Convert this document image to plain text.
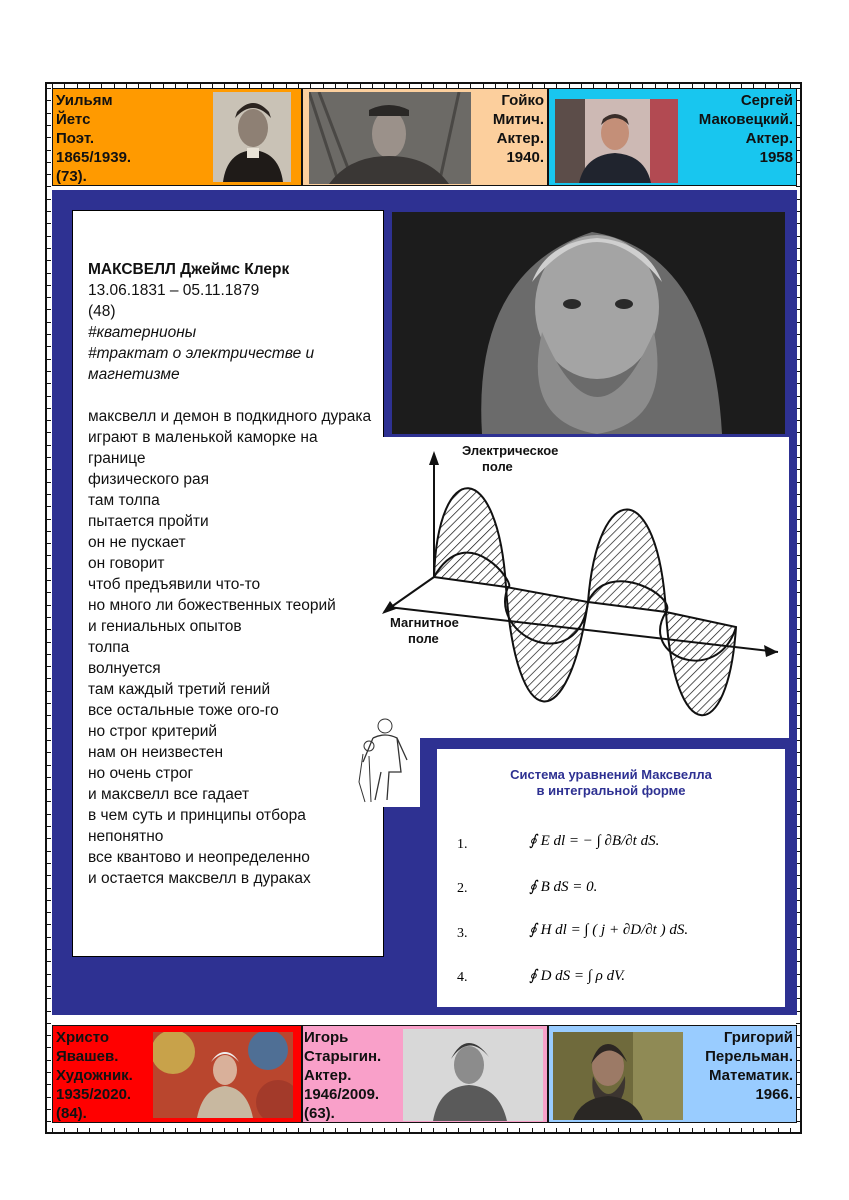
Уильям
Йетс
Поэт.
1865/1939.
(73).
Гойко
Митич.
Актер.
1940.
Сергей
Маковецкий.
Актер.
1958
МАКСВЕЛЛ Джеймс Клерк
13.06.1831 – 05.11.1879
(48)
#кватернионы
#трактат о электричестве и магнетизме
максвелл и демон в подкидного дурака
играют в маленькой каморке на границе
физического рая
там толпа
пытается пройти
он не пускает
он говорит
чтоб предъявили что-то
но много ли божественных теорий
и гениальных опытов
толпа
волнуется
там каждый третий гений
все остальные тоже ого-го
но строг критерий
нам он неизвестен
но очень строг
и максвелл все гадает
в чем суть и принципы отбора
непонятно
все квантово и неопределенно
и остается максвелл в дураках
Электрическое поле
Магнитное поле
Система уравнений Максвелла
в интегральной форме
1.	∮ E dl = − ∫ ∂B/∂t dS.
2.	∮ B dS = 0.
3.	∮ H dl = ∫ ( j + ∂D/∂t ) dS.
4.	∮ D dS = ∫ ρ dV.
Христо
Явашев.
Художник.
1935/2020.
(84).
Игорь
Старыгин.
Актер.
1946/2009.
(63).
Григорий
Перельман.
Математик.
1966.
